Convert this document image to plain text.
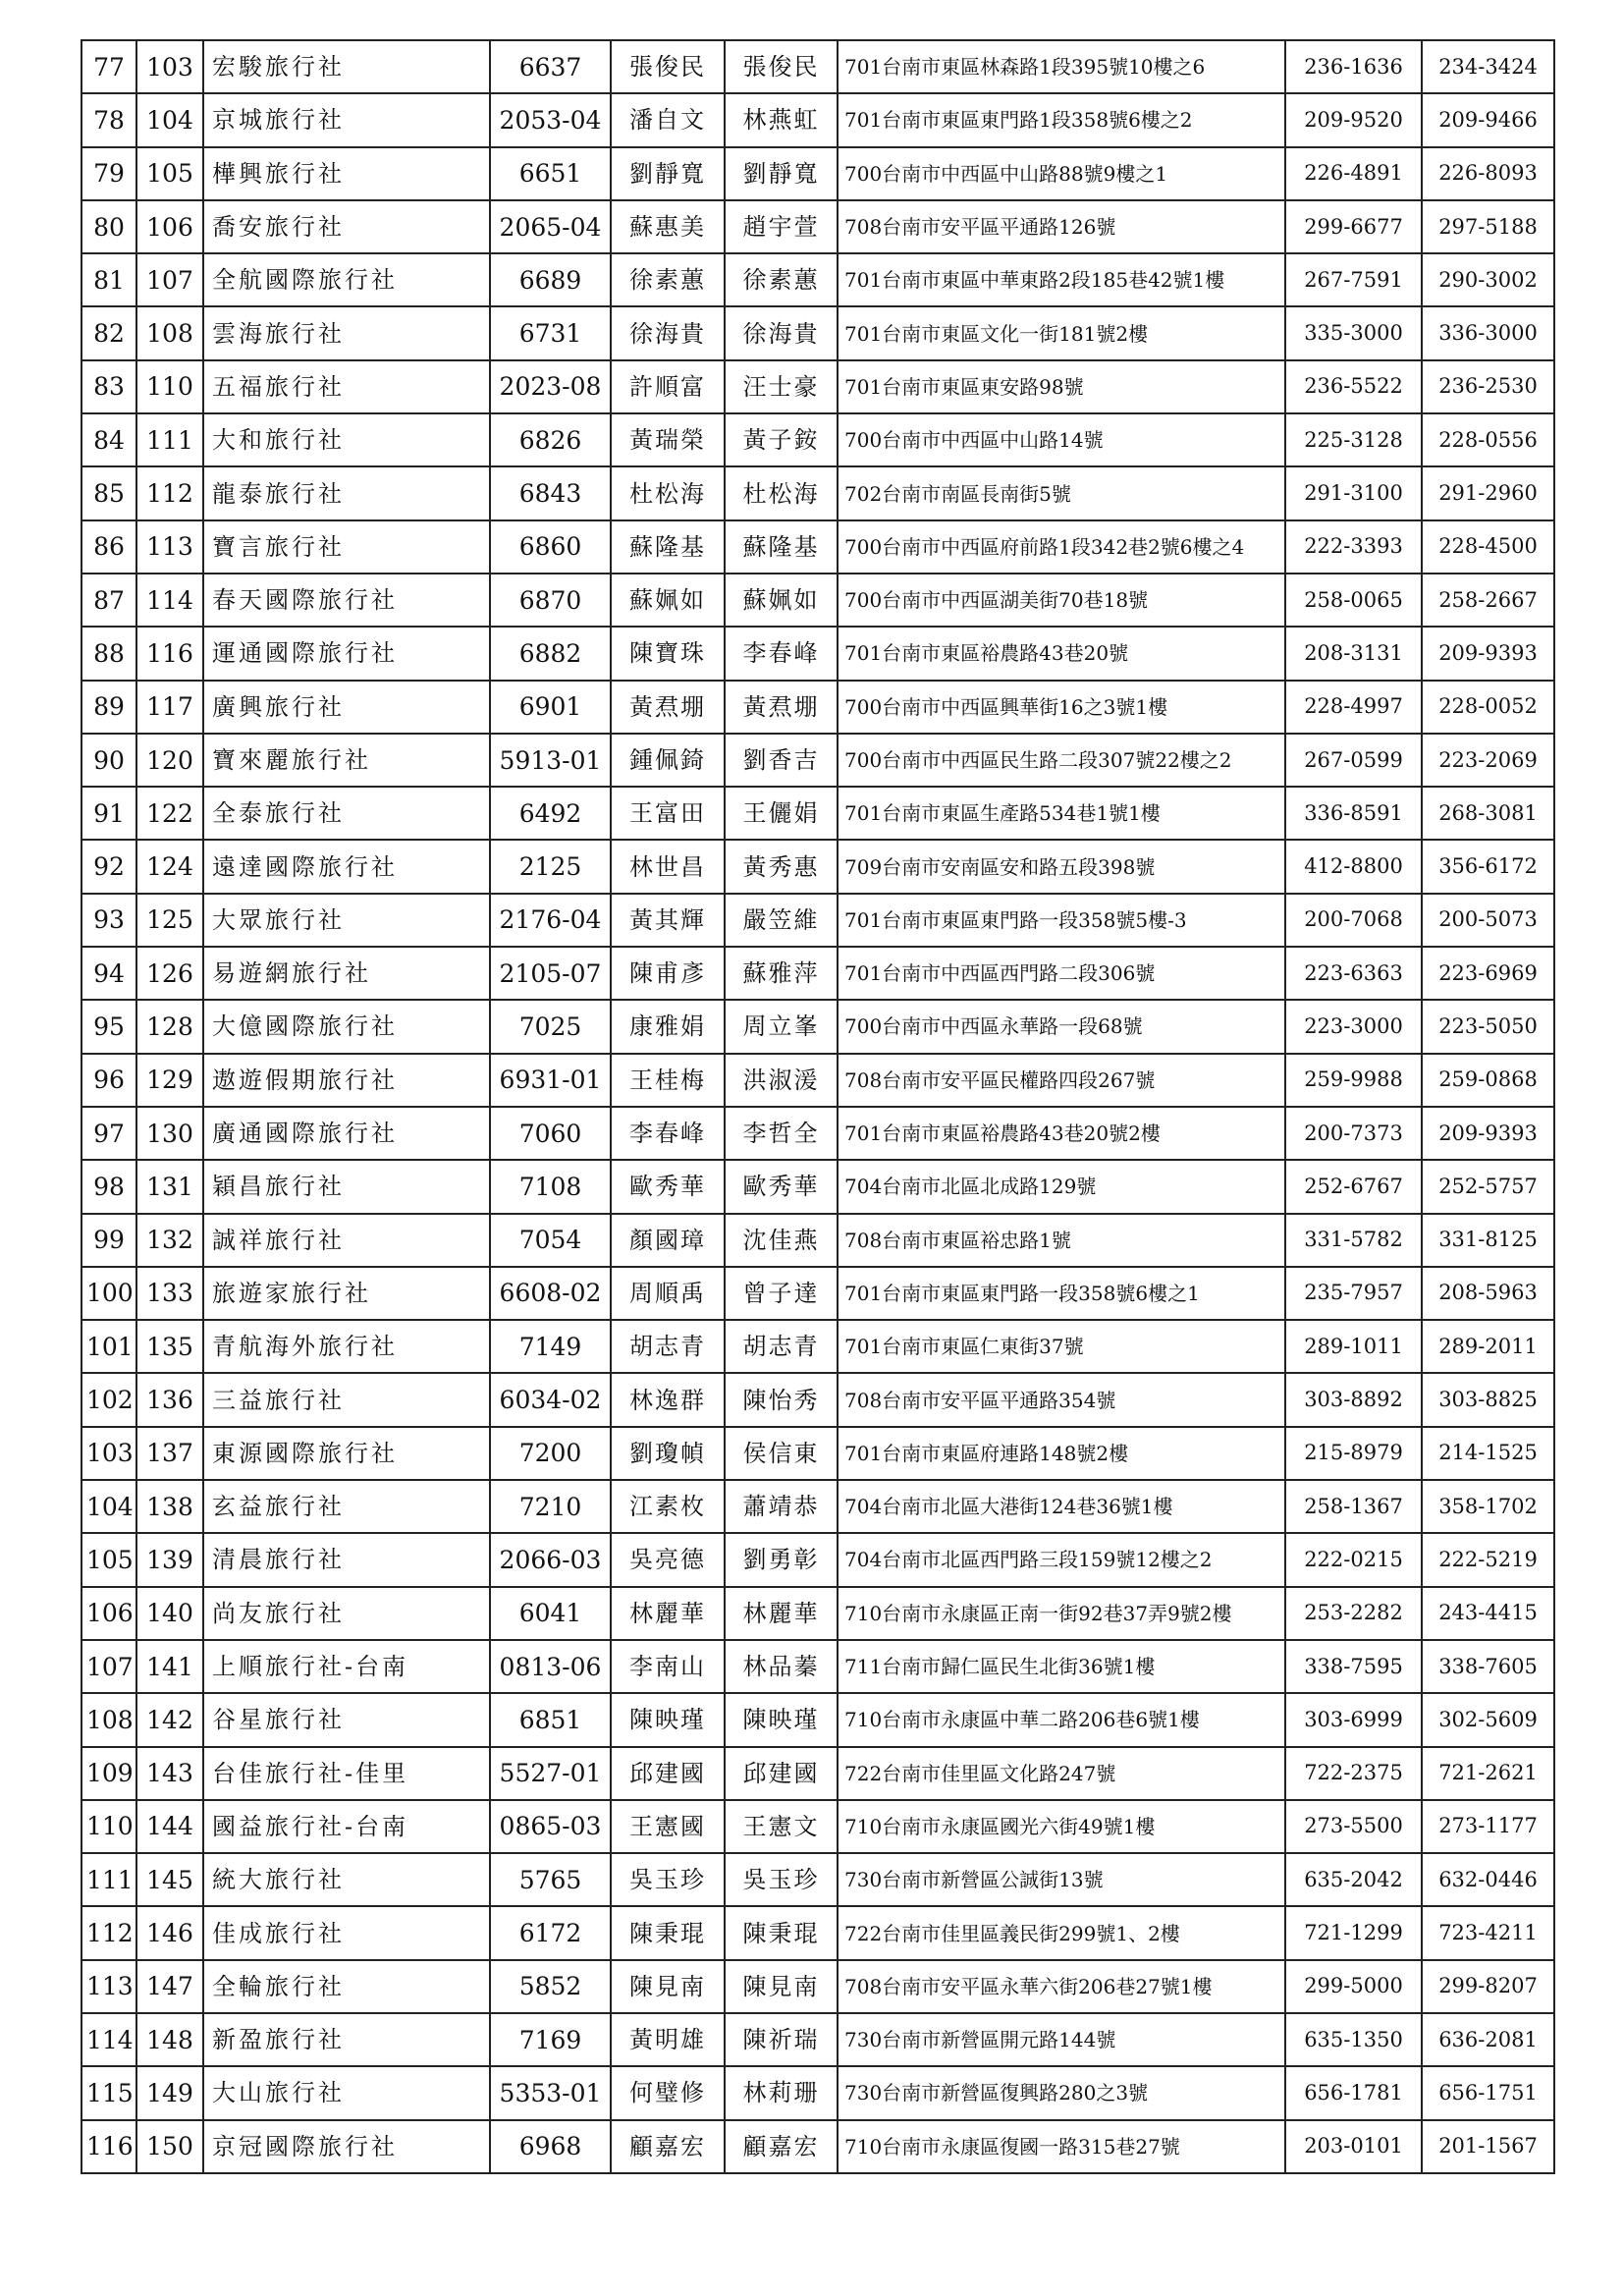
77	103	宏駿旅行社	6637	張俊民	張俊民	701台南市東區林森路1段395號10樓之6	236-1636	234-3424
78	104	京城旅行社	2053-04	潘自文	林燕虹	701台南市東區東門路1段358號6樓之2	209-9520	209-9466
79	105	樺興旅行社	6651	劉靜寬	劉靜寬	700台南市中西區中山路88號9樓之1	226-4891	226-8093
80	106	喬安旅行社	2065-04	蘇惠美	趙宇萱	708台南市安平區平通路126號	299-6677	297-5188
81	107	全航國際旅行社	6689	徐素蕙	徐素蕙	701台南市東區中華東路2段185巷42號1樓	267-7591	290-3002
82	108	雲海旅行社	6731	徐海貴	徐海貴	701台南市東區文化一街181號2樓	335-3000	336-3000
83	110	五福旅行社	2023-08	許順富	汪士豪	701台南市東區東安路98號	236-5522	236-2530
84	111	大和旅行社	6826	黃瑞榮	黃子銨	700台南市中西區中山路14號	225-3128	228-0556
85	112	龍泰旅行社	6843	杜松海	杜松海	702台南市南區長南街5號	291-3100	291-2960
86	113	寶言旅行社	6860	蘇隆基	蘇隆基	700台南市中西區府前路1段342巷2號6樓之4	222-3393	228-4500
87	114	春天國際旅行社	6870	蘇姵如	蘇姵如	700台南市中西區湖美街70巷18號	258-0065	258-2667
88	116	運通國際旅行社	6882	陳寶珠	李春峰	701台南市東區裕農路43巷20號	208-3131	209-9393
89	117	廣興旅行社	6901	黃焄堋	黃焄堋	700台南市中西區興華街16之3號1樓	228-4997	228-0052
90	120	寶來麗旅行社	5913-01	鍾佩錡	劉香吉	700台南市中西區民生路二段307號22樓之2	267-0599	223-2069
91	122	全泰旅行社	6492	王富田	王儷娟	701台南市東區生產路534巷1號1樓	336-8591	268-3081
92	124	遠達國際旅行社	2125	林世昌	黃秀惠	709台南市安南區安和路五段398號	412-8800	356-6172
93	125	大眾旅行社	2176-04	黃其輝	嚴笠維	701台南市東區東門路一段358號5樓-3	200-7068	200-5073
94	126	易遊網旅行社	2105-07	陳甫彥	蘇雅萍	701台南市中西區西門路二段306號	223-6363	223-6969
95	128	大億國際旅行社	7025	康雅娟	周立峯	700台南市中西區永華路一段68號	223-3000	223-5050
96	129	遨遊假期旅行社	6931-01	王桂梅	洪淑湲	708台南市安平區民權路四段267號	259-9988	259-0868
97	130	廣通國際旅行社	7060	李春峰	李哲全	701台南市東區裕農路43巷20號2樓	200-7373	209-9393
98	131	穎昌旅行社	7108	歐秀華	歐秀華	704台南市北區北成路129號	252-6767	252-5757
99	132	誠祥旅行社	7054	顏國璋	沈佳燕	708台南市東區裕忠路1號	331-5782	331-8125
100	133	旅遊家旅行社	6608-02	周順禹	曾子達	701台南市東區東門路一段358號6樓之1	235-7957	208-5963
101	135	青航海外旅行社	7149	胡志青	胡志青	701台南市東區仁東街37號	289-1011	289-2011
102	136	三益旅行社	6034-02	林逸群	陳怡秀	708台南市安平區平通路354號	303-8892	303-8825
103	137	東源國際旅行社	7200	劉瓊幀	侯信東	701台南市東區府連路148號2樓	215-8979	214-1525
104	138	玄益旅行社	7210	江素枚	蕭靖恭	704台南市北區大港街124巷36號1樓	258-1367	358-1702
105	139	清晨旅行社	2066-03	吳亮德	劉勇彰	704台南市北區西門路三段159號12樓之2	222-0215	222-5219
106	140	尚友旅行社	6041	林麗華	林麗華	710台南市永康區正南一街92巷37弄9號2樓	253-2282	243-4415
107	141	上順旅行社-台南	0813-06	李南山	林品蓁	711台南市歸仁區民生北街36號1樓	338-7595	338-7605
108	142	谷星旅行社	6851	陳映瑾	陳映瑾	710台南市永康區中華二路206巷6號1樓	303-6999	302-5609
109	143	台佳旅行社-佳里	5527-01	邱建國	邱建國	722台南市佳里區文化路247號	722-2375	721-2621
110	144	國益旅行社-台南	0865-03	王憲國	王憲文	710台南市永康區國光六街49號1樓	273-5500	273-1177
111	145	統大旅行社	5765	吳玉珍	吳玉珍	730台南市新營區公誠街13號	635-2042	632-0446
112	146	佳成旅行社	6172	陳秉琨	陳秉琨	722台南市佳里區義民街299號1、2樓	721-1299	723-4211
113	147	全輪旅行社	5852	陳見南	陳見南	708台南市安平區永華六街206巷27號1樓	299-5000	299-8207
114	148	新盈旅行社	7169	黃明雄	陳祈瑞	730台南市新營區開元路144號	635-1350	636-2081
115	149	大山旅行社	5353-01	何璧修	林莉珊	730台南市新營區復興路280之3號	656-1781	656-1751
116	150	京冠國際旅行社	6968	顧嘉宏	顧嘉宏	710台南市永康區復國一路315巷27號	203-0101	201-1567
